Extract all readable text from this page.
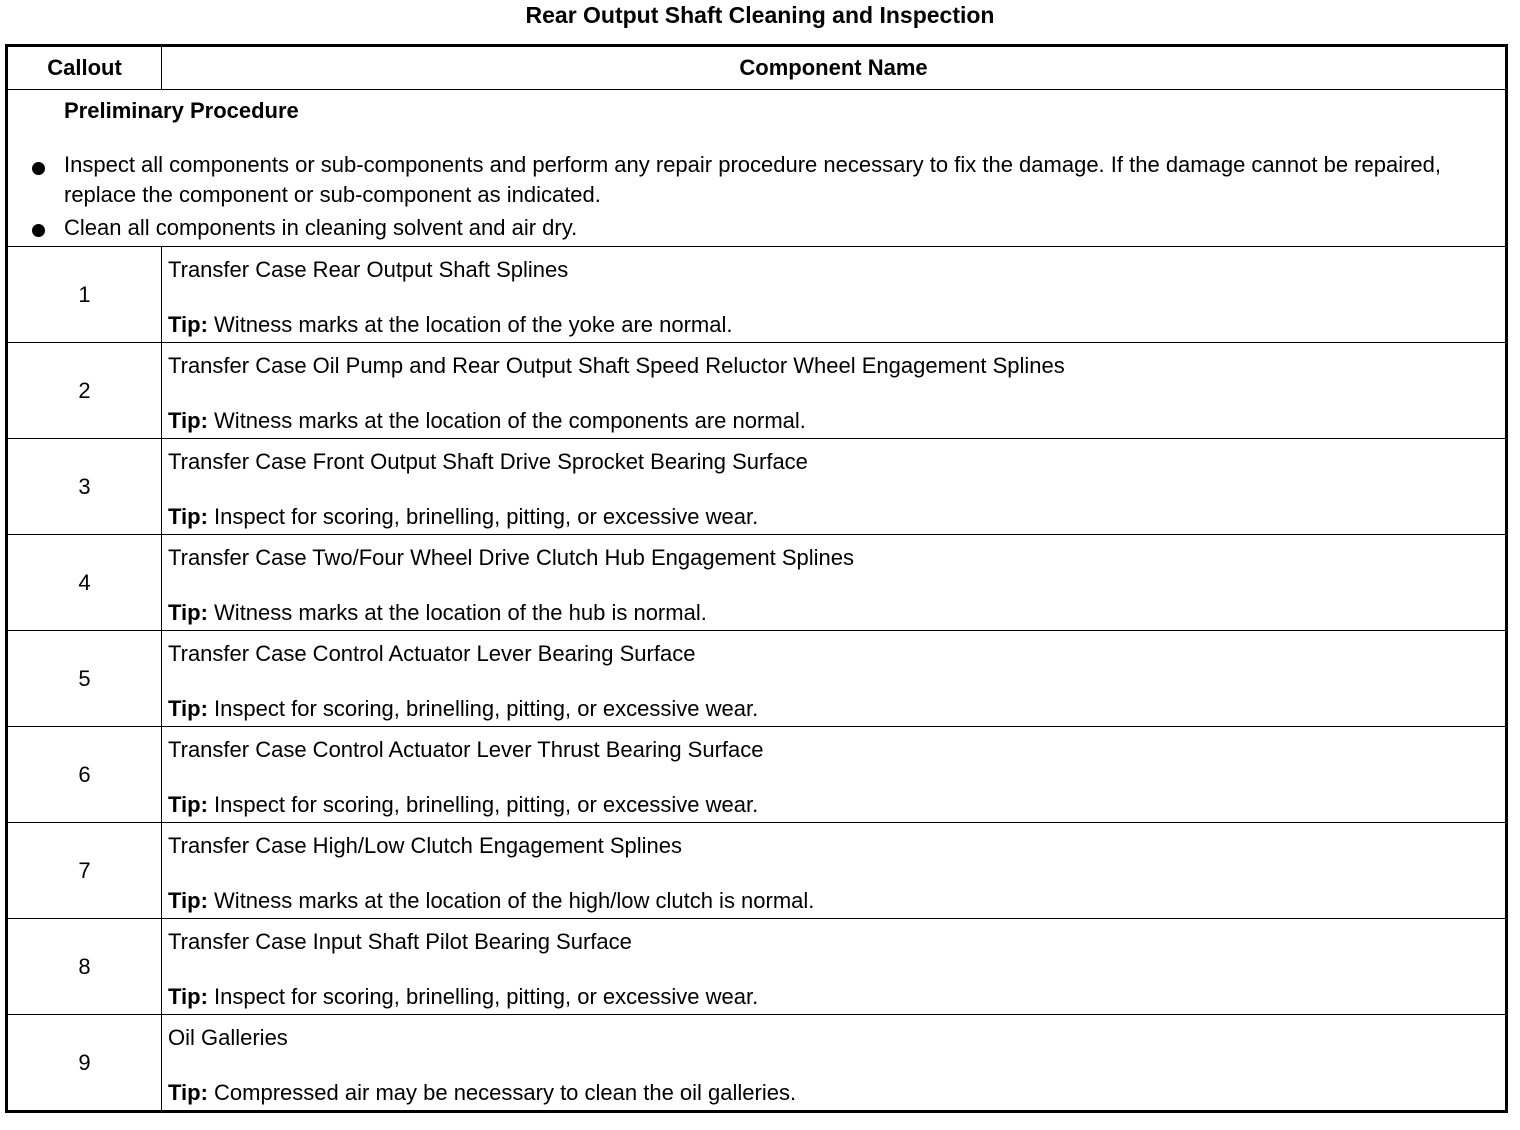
Rear Output Shaft Cleaning and Inspection
Callout	Component Name

Preliminary Procedure
Inspect all components or sub-components and perform any repair procedure necessary to fix the damage. If the damage cannot be repaired, replace the component or sub-component as indicated.
Clean all components in cleaning solvent and air dry.	

1	Transfer Case Rear Output Shaft Splines
Tip: Witness marks at the location of the yoke are normal.

2	Transfer Case Oil Pump and Rear Output Shaft Speed Reluctor Wheel Engagement Splines
Tip: Witness marks at the location of the components are normal.

3	Transfer Case Front Output Shaft Drive Sprocket Bearing Surface
Tip: Inspect for scoring, brinelling, pitting, or excessive wear.

4	Transfer Case Two/Four Wheel Drive Clutch Hub Engagement Splines
Tip: Witness marks at the location of the hub is normal.

5	Transfer Case Control Actuator Lever Bearing Surface
Tip: Inspect for scoring, brinelling, pitting, or excessive wear.

6	Transfer Case Control Actuator Lever Thrust Bearing Surface
Tip: Inspect for scoring, brinelling, pitting, or excessive wear.

7	Transfer Case High/Low Clutch Engagement Splines
Tip: Witness marks at the location of the high/low clutch is normal.

8	Transfer Case Input Shaft Pilot Bearing Surface
Tip: Inspect for scoring, brinelling, pitting, or excessive wear.

9	Oil Galleries
Tip: Compressed air may be necessary to clean the oil galleries.
